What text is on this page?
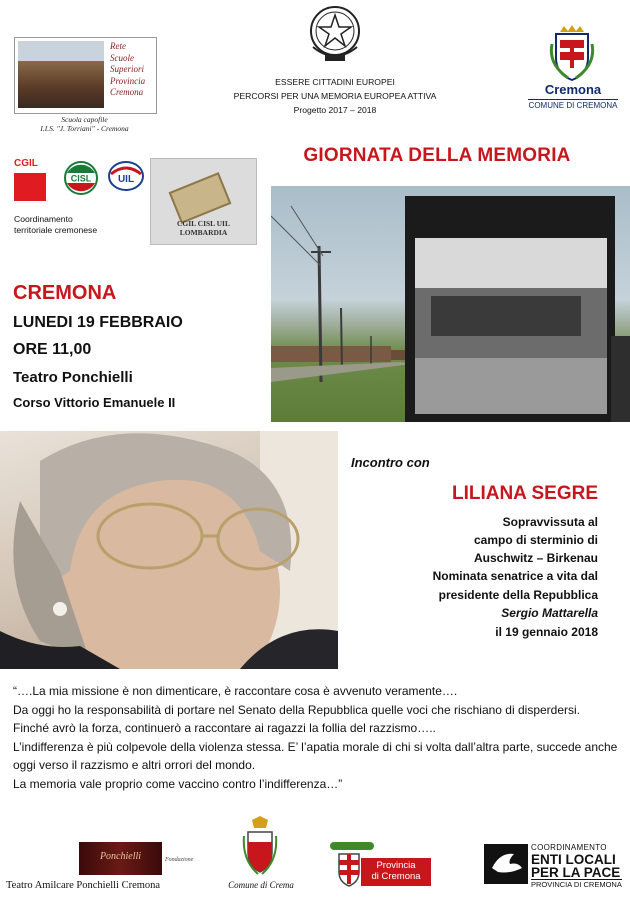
Rete
Scuole
Superiori
Provincia
Cremona
Scuola capofile
I.I.S. "J. Torriani" - Cremona
ESSERE CITTADINI EUROPEI
PERCORSI PER UNA MEMORIA EUROPEA ATTIVA
Progetto 2017 – 2018
Cremona
COMUNE DI CREMONA
CGIL
CISL	UIL
Coordinamento
territoriale cremonese
CGIL CISL UIL
LOMBARDIA
GIORNATA DELLA MEMORIA
CREMONA
LUNEDI 19 FEBBRAIO
ORE 11,00
Teatro Ponchielli
Corso Vittorio Emanuele II
Incontro con
LILIANA SEGRE
Sopravvissuta al
campo di sterminio di
Auschwitz – Birkenau
Nominata senatrice a vita dal
presidente della Repubblica
Sergio Mattarella
il 19 gennaio 2018

“….La mia missione è non dimenticare, è raccontare cosa è avvenuto veramente….

Da oggi ho la responsabilità di portare nel Senato della Repubblica quelle voci che rischiano di disperdersi.

Finché avrò la forza, continuerò a raccontare ai ragazzi la follia del razzismo…..

L’indifferenza è più colpevole della violenza stessa. E’ l’apatia morale di chi si volta dall’altra parte, succede anche oggi verso il razzismo e altri orrori del mondo.

La memoria vale proprio come vaccino contro l’indifferenza…”

Ponchielli	Fondazione
Teatro Amilcare Ponchielli Cremona	Comune di Crema
Provincia
di Cremona
COORDINAMENTO
ENTI LOCALI
PER LA PACE
PROVINCIA DI CREMONA
